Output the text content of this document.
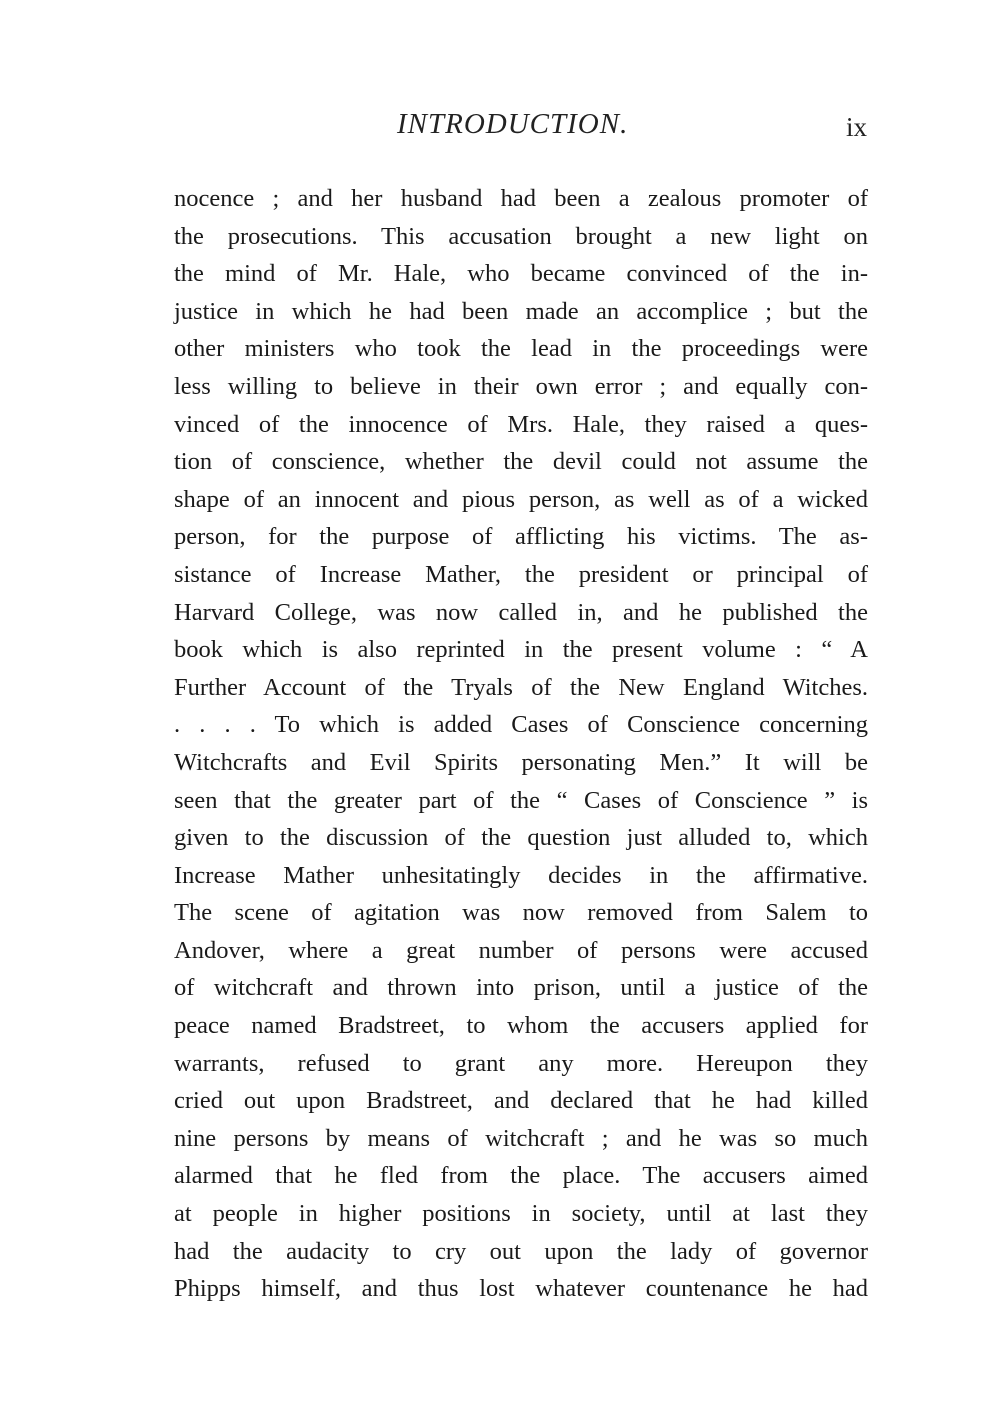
INTRODUCTION.	ix
nocence ; and her husband had been a zealous promoter of
the prosecutions. This accusation brought a new light on
the mind of Mr. Hale, who became convinced of the in-
justice in which he had been made an accomplice ; but the
other ministers who took the lead in the proceedings were
less willing to believe in their own error ; and equally con-
vinced of the innocence of Mrs. Hale, they raised a ques-
tion of conscience, whether the devil could not assume the
shape of an innocent and pious person, as well as of a wicked
person, for the purpose of afflicting his victims. The as-
sistance of Increase Mather, the president or principal of
Harvard College, was now called in, and he published the
book which is also reprinted in the present volume : “ A
Further Account of the Tryals of the New England Witches.
. . . . To which is added Cases of Conscience concerning
Witchcrafts and Evil Spirits personating Men.” It will be
seen that the greater part of the “ Cases of Conscience ” is
given to the discussion of the question just alluded to, which
Increase Mather unhesitatingly decides in the affirmative.
The scene of agitation was now removed from Salem to
Andover, where a great number of persons were accused
of witchcraft and thrown into prison, until a justice of the
peace named Bradstreet, to whom the accusers applied for
warrants, refused to grant any more. Hereupon they
cried out upon Bradstreet, and declared that he had killed
nine persons by means of witchcraft ; and he was so much
alarmed that he fled from the place. The accusers aimed
at people in higher positions in society, until at last they
had the audacity to cry out upon the lady of governor
Phipps himself, and thus lost whatever countenance he had
